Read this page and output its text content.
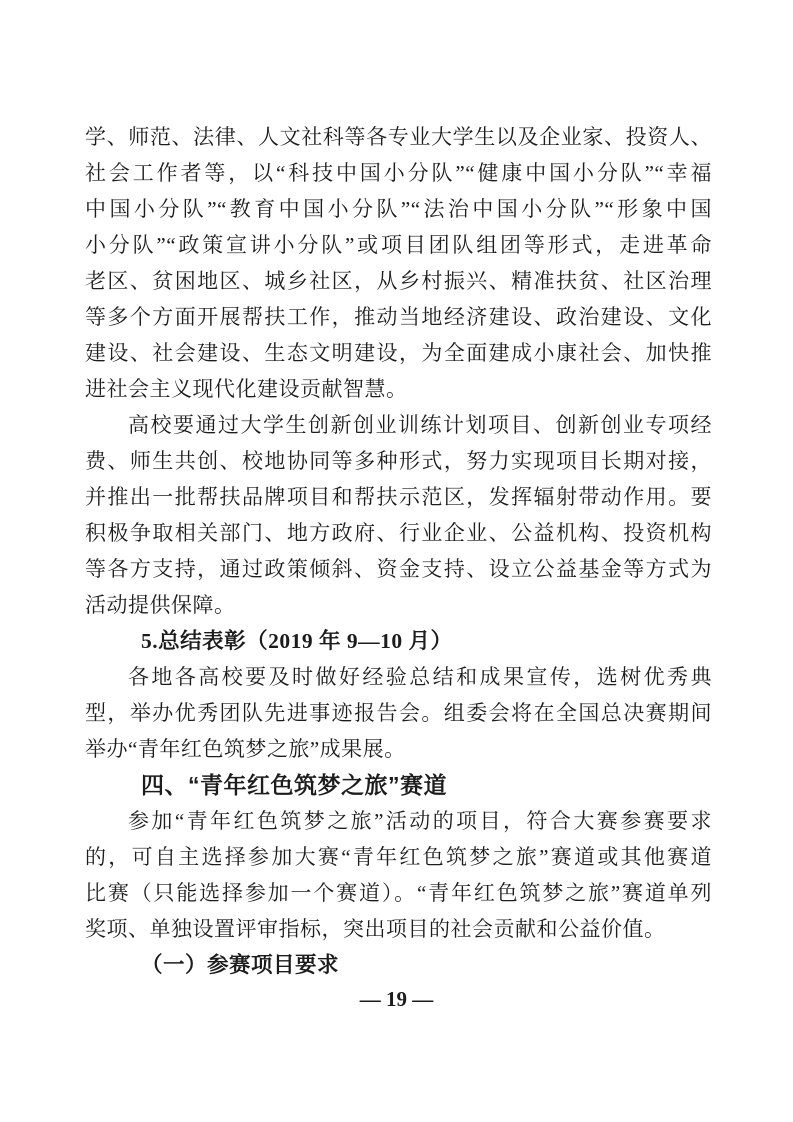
学、师范、法律、人文社科等各专业大学生以及企业家、投资人、

社会工作者等，以“科技中国小分队”“健康中国小分队”“幸福

中国小分队”“教育中国小分队”“法治中国小分队”“形象中国

小分队”“政策宣讲小分队”或项目团队组团等形式，走进革命

老区、贫困地区、城乡社区，从乡村振兴、精准扶贫、社区治理

等多个方面开展帮扶工作，推动当地经济建设、政治建设、文化

建设、社会建设、生态文明建设，为全面建成小康社会、加快推

进社会主义现代化建设贡献智慧。

高校要通过大学生创新创业训练计划项目、创新创业专项经

费、师生共创、校地协同等多种形式，努力实现项目长期对接，

并推出一批帮扶品牌项目和帮扶示范区，发挥辐射带动作用。要

积极争取相关部门、地方政府、行业企业、公益机构、投资机构

等各方支持，通过政策倾斜、资金支持、设立公益基金等方式为

活动提供保障。

5.总结表彰（2019 年 9—10 月）

各地各高校要及时做好经验总结和成果宣传，选树优秀典

型，举办优秀团队先进事迹报告会。组委会将在全国总决赛期间

举办“青年红色筑梦之旅”成果展。

四、“青年红色筑梦之旅”赛道

参加“青年红色筑梦之旅”活动的项目，符合大赛参赛要求

的，可自主选择参加大赛“青年红色筑梦之旅”赛道或其他赛道

比赛（只能选择参加一个赛道）。“青年红色筑梦之旅”赛道单列

奖项、单独设置评审指标，突出项目的社会贡献和公益价值。

（一）参赛项目要求

— 19 —
